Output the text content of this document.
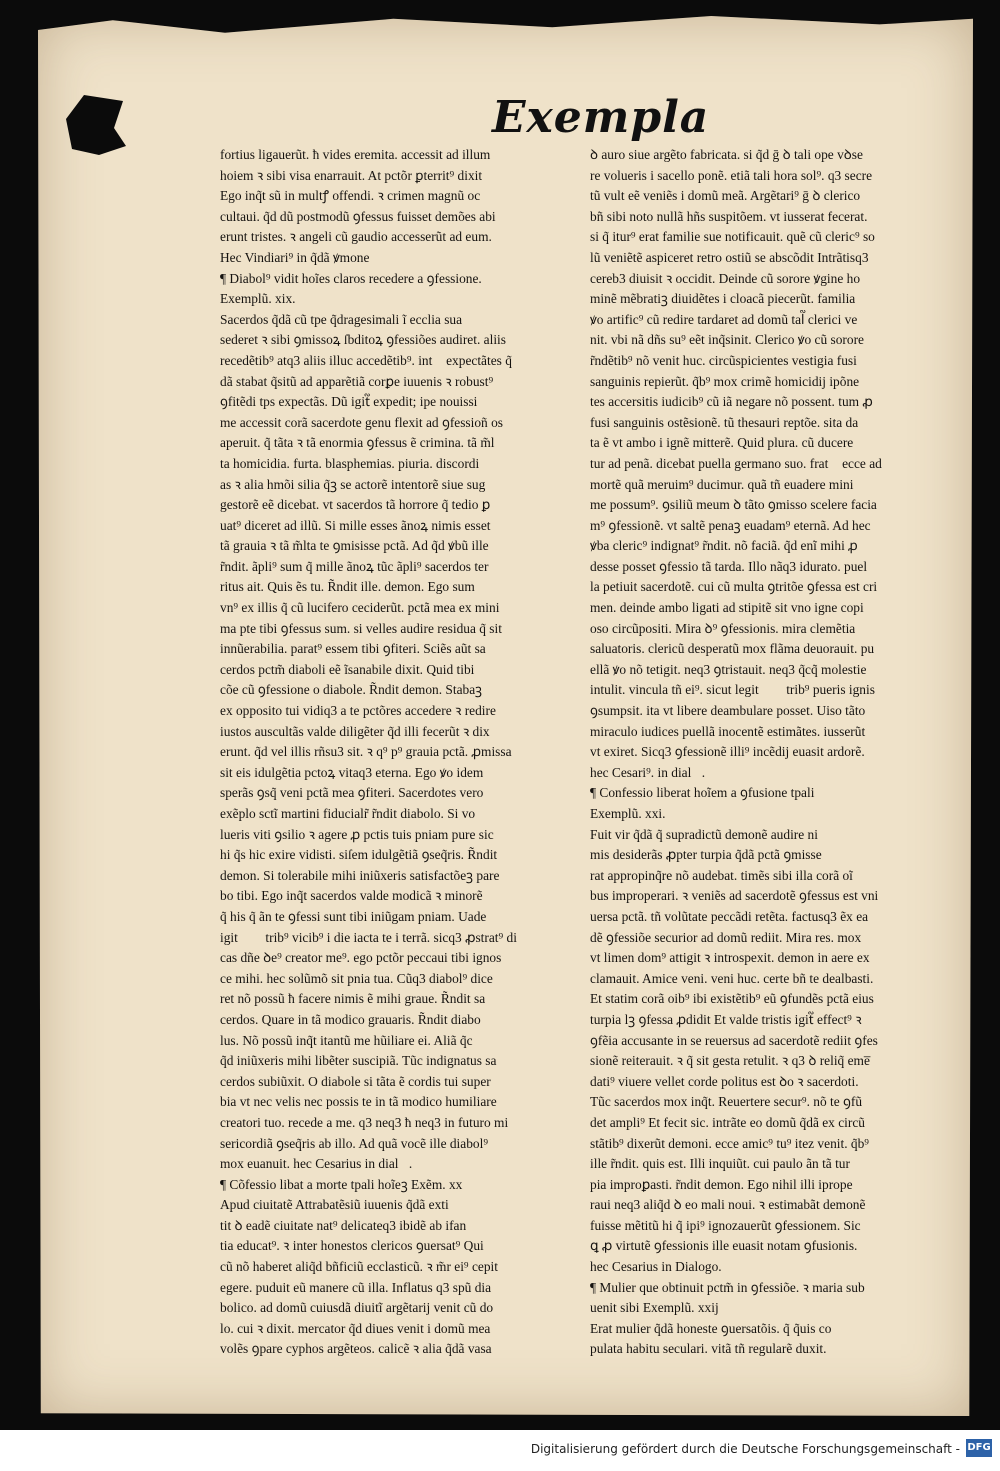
Exempla
fortius ligauerũt. ħ vides eremita. accessit ad illum
hoiem ꝛ sibi visa enarrauit. At pctõr ꝑterrit⁹ dixit
Ego inq̃t sũ in multꝭ offendi. ꝛ crimen magnũ oc
cultaui. q̃d dũ postmodũ ꝯfessus fuisset demões abi
erunt tristes. ꝛ angeli cũ gaudio accesserũt ad eum.
Hec Vindiari⁹ in q̃dã ꝟmone
¶ Diabol⁹ vidit hoĩes claros recedere a ꝯfessione.
Exemplũ. xix.
Sacerdos q̃dã cũ tpe q̃dragesimali ĩ ecclia sua
sederet ꝛ sibi ꝯmissoꝝ ſbditoꝝ ꝯfessiões audiret. aliis
recedẽtib⁹ atq3 aliis illuc accedẽtib⁹. int᷑ expectãtes q̃
dã stabat q̃sitũ ad apparẽtiã corꝑe iuuenis ꝛ robust⁹
ꝯfitẽdi tps expectãs. Dũ igit᷑ expedit; ipe nouissi
me accessit corã sacerdote genu flexit ad ꝯfessioñ os
aperuit. q̃ tãta ꝛ tã enormia ꝯfessus ẽ crimina. tã m̃l
ta homicidia. furta. blasphemias. piuria. discordi
as ꝛ alia hmõi silia q̃ꝫ se actorẽ intentorẽ siue sug
gestorẽ eẽ dicebat. vt sacerdos tã horrore q̃ tedio ꝑ
uat⁹ diceret ad illũ. Si mille esses ãnoꝝ nimis esset
tã grauia ꝛ tã m̃lta te ꝯmisisse pctã. Ad q̃d ꝟbũ ille
r̃ndit. ãpli⁹ sum q̃ mille ãnoꝝ tũc ãpli⁹ sacerdos ter
ritus ait. Quis ẽs tu. R̃ndit ille. demon. Ego sum
vn⁹ ex illis q̃ cũ lucifero ceciderũt. pctã mea ex mini
ma pte tibi ꝯfessus sum. si velles audire residua q̃ sit
innũerabilia. parat⁹ essem tibi ꝯfiteri. Sciẽs aũt sa
cerdos pctm̃ diaboli eẽ ĩsanabile dixit. Quid tibi
cõe cũ ꝯfessione o diabole. R̃ndit demon. Stabaꝫ
ex opposito tui vidiq3 a te pctõres accedere ꝛ redire
iustos auscultãs valde diligẽter q̃d illi fecerũt ꝛ dix
erunt. q̃d vel illis rñsu3 sit. ꝛ q⁹ p⁹ grauia pctã. ꝓmissa
sit eis idulgẽtia pctoꝝ vitaq3 eterna. Ego ꝟo idem
sperãs ꝯsq̃ veni pctã mea ꝯfiteri. Sacerdotes vero
exẽplo sctĩ martini fiducialr̃ r̃ndit diabolo. Si vo
lueris viti ꝯsilio ꝛ agere ꝓ pctis tuis pniam pure sic
hi q̃s hic exire vidisti. siſem idulgẽtiã ꝯseq̃ris. R̃ndit
demon. Si tolerabile mihi iniũxeris satisfactõeꝫ pare
bo tibi. Ego inq̃t sacerdos valde modicã ꝛ minorẽ
q̃ his q̃ ãn te ꝯfessi sunt tibi iniũgam pniam. Uade
igit᷑ ꝛ trib⁹ vicib⁹ i die iacta te i terrã. sicq3 ꝓstrat⁹ di
cas dñe ꝺe⁹ creator me⁹. ego pctõr peccaui tibi ignos
ce mihi. hec solũmõ sit pnia tua. Cũq3 diabol⁹ dice
ret nõ possũ ħ facere nimis ẽ mihi graue. R̃ndit sa
cerdos. Quare in tã modico grauaris. R̃ndit diabo
lus. Nõ possũ inq̃t itantũ me hũiliare ei. Aliã q̃c
q̃d iniũxeris mihi libẽter suscipiã. Tũc indignatus sa
cerdos subiũxit. O diabole si tãta ẽ cordis tui super
bia vt nec velis nec possis te in tã modico humiliare
creatori tuo. recede a me. q3 neq3 ħ neq3 in futuro mi
sericordiã ꝯseq̃ris ab illo. Ad quã vocẽ ille diabol⁹
mox euanuit. hec Cesarius in dial᷑.
¶ Cõfessio libat a morte tpali hoĩeꝫ Exẽm. xx
Apud ciuitatẽ Attrabatẽsiũ iuuenis q̃dã exti
tit ꝺ eadẽ ciuitate nat⁹ delicateq3 ibidẽ ab ifan
tia educat⁹. ꝛ inter honestos clericos ꝯuersat⁹ Qui
cũ nõ haberet aliq̃d bñficiũ ecclasticũ. ꝛ m̃r ei⁹ cepit
egere. puduit eũ manere cũ illa. Inflatus q3 spũ dia
bolico. ad domũ cuiusdã diuitĩ argẽtarij venit cũ do
lo. cui ꝛ dixit. mercator q̃d diues venit i domũ mea
volẽs ꝯpare cyphos argẽteos. calicẽ ꝛ alia q̃dã vasa
ꝺ auro siue argẽto fabricata. si q̃d ḡ ꝺ tali ope vꝺse
re volueris i sacello ponẽ. etiã tali hora sol⁹. q3 secre
tũ vult eẽ veniẽs i domũ meã. Argẽtari⁹ ḡ ꝺ clerico
bñ sibi noto nullã hñs suspitõem. vt iusserat fecerat.
si q̃ itur⁹ erat familie sue notificauit. quẽ cũ cleric⁹ so
lũ veniẽtẽ aspiceret retro ostiũ se abscõdit Intrãtisq3
cereb3 diuisit ꝛ occidit. Deinde cũ sorore ꝟgine ho
minẽ mẽbratiꝫ diuidẽtes i cloacã piecerũt. familia
ꝟo artific⁹ cũ redire tardaret ad domũ tal᷑ clerici ve
nit. vbi nã dñs su⁹ eẽt inq̃sinit. Clerico ꝟo cũ sorore
r̃ndẽtib⁹ nõ venit huc. circũspicientes vestigia fusi
sanguinis repierũt. q̃b⁹ mox crimẽ homicidij ipõne
tes accersitis iudicib⁹ cũ iã negare nõ possent. tum ꝓ
fusi sanguinis ostẽsionẽ. tũ thesauri reptõe. sita da
ta ẽ vt ambo i ignẽ mitterẽ. Quid plura. cũ ducere
tur ad penã. dicebat puella germano suo. frat᷑ ecce ad
mortẽ quã meruim⁹ ducimur. quã tñ euadere mini
me possum⁹. ꝯsiliũ meum ꝺ tãto ꝯmisso scelere facia
m⁹ ꝯfessionẽ. vt saltẽ penaꝫ euadam⁹ eternã. Ad hec
ꝟba cleric⁹ indignat⁹ r̃ndit. nõ faciã. q̃d enĩ mihi ꝓ
desse posset ꝯfessio tã tarda. Illo nãq3 idurato. puel
la petiuit sacerdotẽ. cui cũ multa ꝯtritõe ꝯfessa est cri
men. deinde ambo ligati ad stipitẽ sit vno igne copi
oso circũpositi. Mira ꝺ⁹ ꝯfessionis. mira clemẽtia
saluatoris. clericũ desperatũ mox flãma deuorauit. pu
ellã ꝟo nõ tetigit. neq3 ꝯtristauit. neq3 q̃cq̃ molestie
intulit. vincula tñ ei⁹. sicut legit᷑ ꝺ trib⁹ pueris ignis
ꝯsumpsit. ita vt libere deambulare posset. Uiso tãto
miraculo iudices puellã inocentẽ estimãtes. iusserũt
vt exiret. Sicq3 ꝯfessionẽ illi⁹ incẽdij euasit ardorẽ.
hec Cesari⁹. in dial᷑.
¶ Confessio liberat hoĩem a ꝯfusione tpali
Exemplũ. xxi.
Fuit vir q̃dã q̃ supradictũ demonẽ audire ni
mis desiderãs ꝓpter turpia q̃dã pctã ꝯmisse
rat appropinq̃re nõ audebat. timẽs sibi illa corã oĩ
bus improperari. ꝛ veniẽs ad sacerdotẽ ꝯfessus est vni
uersa pctã. tñ volũtate peccãdi retẽta. factusq3 ẽx ea
dẽ ꝯfessiõe securior ad domũ rediit. Mira res. mox
vt limen dom⁹ attigit ꝛ introspexit. demon in aere ex
clamauit. Amice veni. veni huc. certe bñ te dealbasti.
Et statim corã oib⁹ ibi existẽtib⁹ eũ ꝯfundẽs pctã eius
turpia lꝫ ꝯfessa ꝓdidit Et valde tristis igit᷑ effect⁹ ꝛ
ꝯfẽia accusante in se reuersus ad sacerdotẽ rediit ꝯfes
sionẽ reiterauit. ꝛ q̃ sit gesta retulit. ꝛ q3 ꝺ reliq̃ eme̅
dati⁹ viuere vellet corde politus est ꝺo ꝛ sacerdoti.
Tũc sacerdos mox inq̃t. Reuertere secur⁹. nõ te ꝯfũ
det ampli⁹ Et fecit sic. intrãte eo domũ q̃dã ex circũ
stãtib⁹ dixerũt demoni. ecce amic⁹ tu⁹ itez venit. q̃b⁹
ille r̃ndit. quis est. Illi inquiũt. cui paulo ãn tã tur
pia improꝑasti. r̃ndit demon. Ego nihil illi iprope
raui neq3 aliq̃d ꝺ eo mali noui. ꝛ estimabãt demonẽ
fuisse mẽtitũ hi q̃ ipi⁹ ignozauerũt ꝯfessionem. Sic
ꝗ ꝓ virtutẽ ꝯfessionis ille euasit notam ꝯfusionis.
hec Cesarius in Dialogo.
¶ Mulier que obtinuit pctm̃ in ꝯfessiõe. ꝛ maria sub
uenit sibi Exemplũ. xxij
Erat mulier q̃dã honeste ꝯuersatõis. q̃ q̃uis co
pulata habitu seculari. vitã tñ regularẽ duxit.
Digitalisierung gefördert durch die Deutsche Forschungsgemeinschaft - DFG
